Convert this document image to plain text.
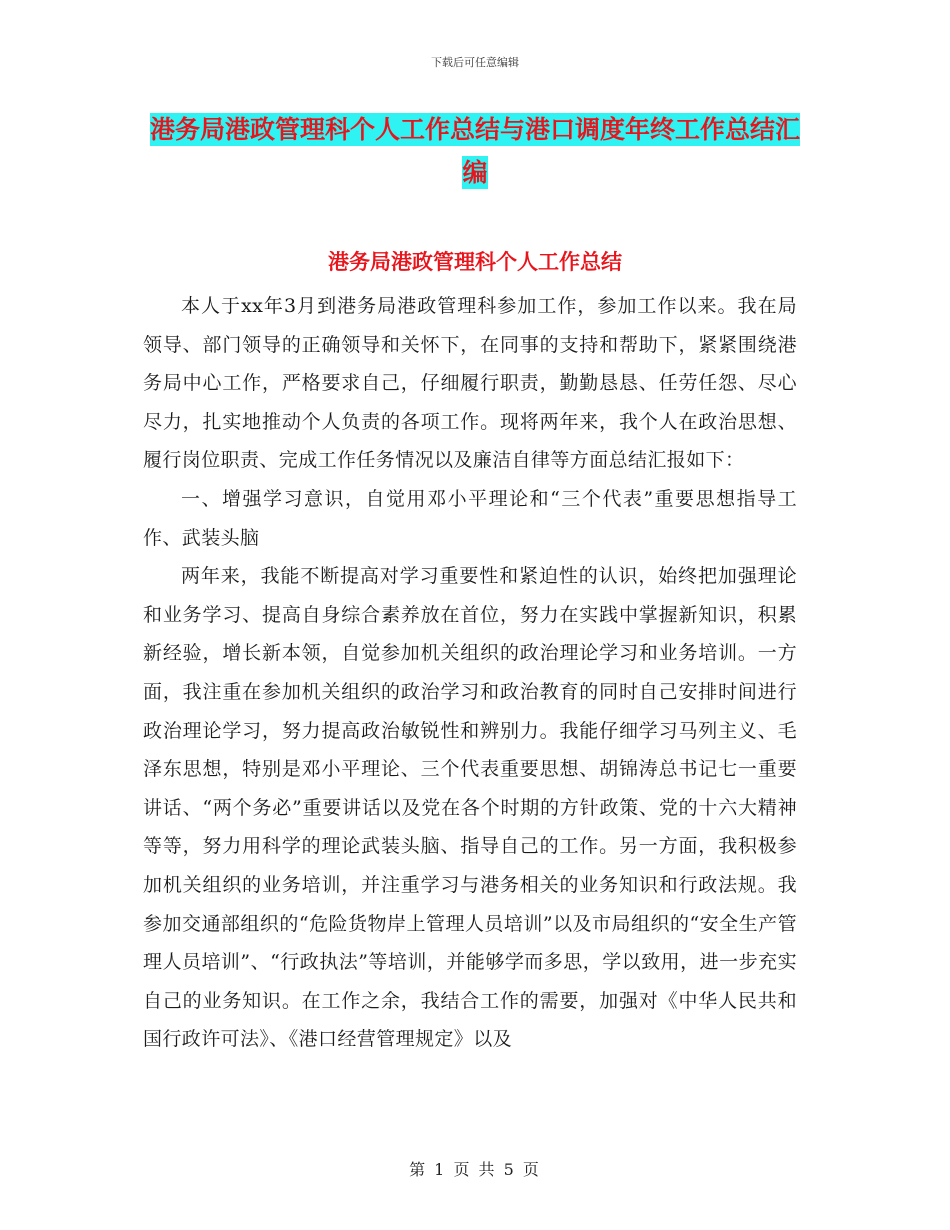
下载后可任意编辑
港务局港政管理科个人工作总结与港口调度年终工作总结汇编
港务局港政管理科个人工作总结

本人于xx年3月到港务局港政管理科参加工作，参加工作以来。我在局领导、部门领导的正确领导和关怀下，在同事的支持和帮助下，紧紧围绕港务局中心工作，严格要求自己，仔细履行职责，勤勤恳恳、任劳任怨、尽心尽力，扎实地推动个人负责的各项工作。现将两年来，我个人在政治思想、履行岗位职责、完成工作任务情况以及廉洁自律等方面总结汇报如下：

一、增强学习意识，自觉用邓小平理论和“三个代表”重要思想指导工作、武装头脑

两年来，我能不断提高对学习重要性和紧迫性的认识，始终把加强理论和业务学习、提高自身综合素养放在首位，努力在实践中掌握新知识，积累新经验，增长新本领，自觉参加机关组织的政治理论学习和业务培训。一方面，我注重在参加机关组织的政治学习和政治教育的同时自己安排时间进行政治理论学习，努力提高政治敏锐性和辨别力。我能仔细学习马列主义、毛泽东思想，特别是邓小平理论、三个代表重要思想、胡锦涛总书记七一重要讲话、“两个务必”重要讲话以及党在各个时期的方针政策、党的十六大精神等等，努力用科学的理论武装头脑、指导自己的工作。另一方面，我积极参加机关组织的业务培训，并注重学习与港务相关的业务知识和行政法规。我参加交通部组织的“危险货物岸上管理人员培训”以及市局组织的“安全生产管理人员培训”、“行政执法”等培训，并能够学而多思，学以致用，进一步充实自己的业务知识。在工作之余，我结合工作的需要，加强对《中华人民共和国行政许可法》、《港口经营管理规定》以及

第 1 页 共 5 页
